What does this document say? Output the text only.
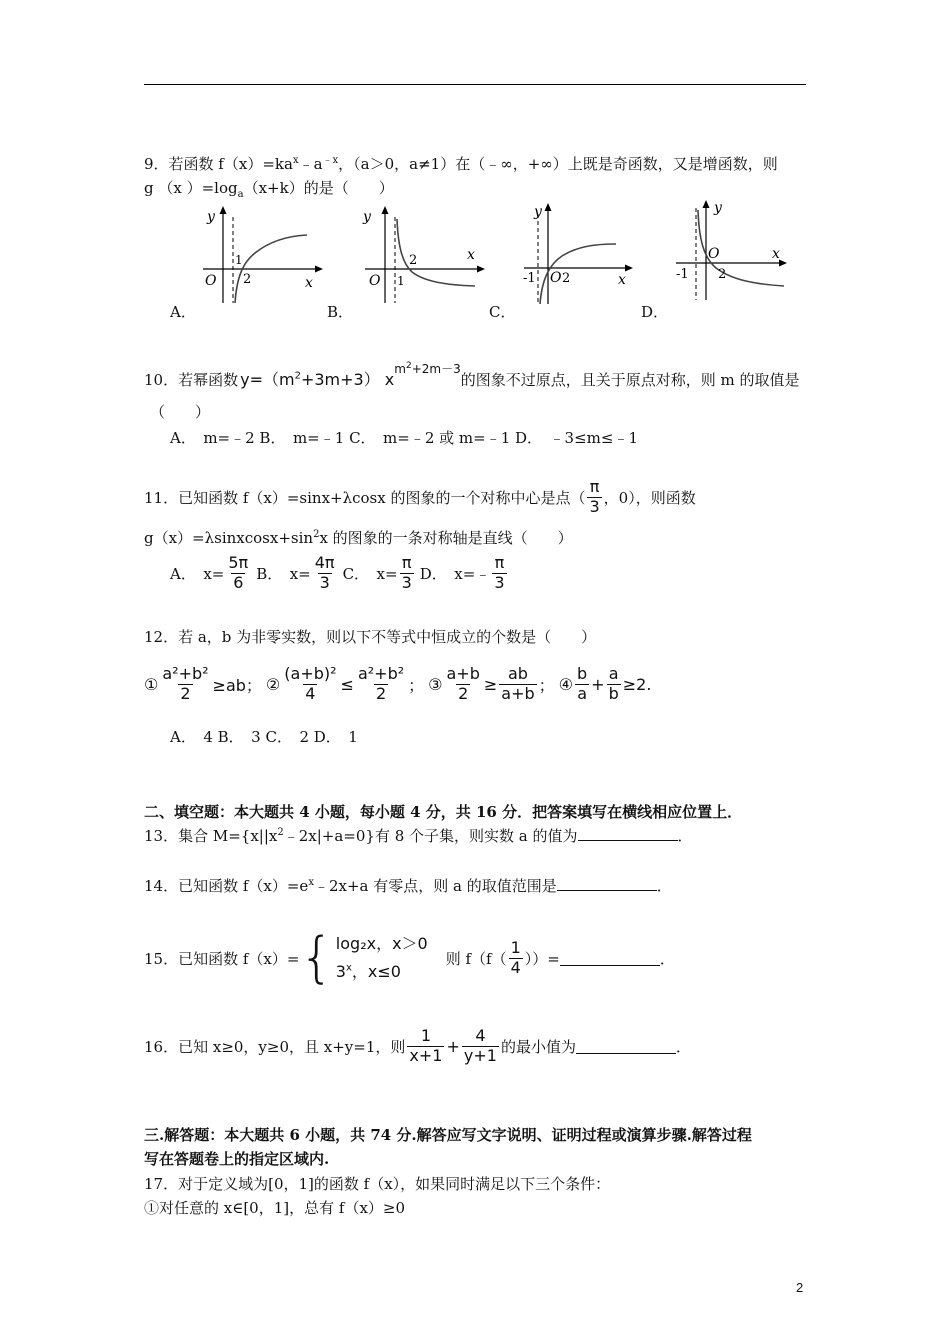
9．若函数 $f(x)=ka^x﹣a^{﹣x}$，（a＞0，a≠1）在（﹣∞，+∞）上既是奇函数，又是增函数，则
g （x ）$=\log_a(x+k)$的是（　　）
y
x
O
1
2
y
x
O 1
2
y
x
O
-1 2
y
x
O
-1 2
A．	B．	C．	D．
10．若幂函数 $y=(m^2+3m+3)$ $x^{m^2+2m-3}$
的图象不过原点，且关于原点对称，则 m 的取值是
（　　）
A．　m=﹣2 B．　m=﹣1 C．　m=﹣2 或 m=﹣1 D．　﹣3≤m≤﹣1
11．已知函数 f（x）=sinx+λcosx 的图象的一个对称中心是点（ $\frac{\pi}{3}$ ，0），则函数
$g(x)=\lambda sinxcosx+\sin^2x$ 的图象的一条对称轴是直线（　　）
A．　$x= \frac{5\pi}{6}$ B．　$x= \frac{4\pi}{3}$ C．　$x= \frac{\pi}{3}$ D．　x=﹣ $\frac{\pi}{3}$
12．若 a，b 为非零实数，则以下不等式中恒成立的个数是（　　）
① $\frac{\text{a²+b²}}{2} \ge ab$； ② $\frac{\text{(a+b)²}}{4} \le \frac{\text{a²+b²}}{2}$ ； ③ $\frac{a+b}{2} \ge \frac{ab}{a+b}$ ； ④ $\frac{b}{a} + \frac{a}{b} \ge 2$.
A．　4 B．　3 C．　2 D．　1
二、填空题：本大题共 4 小题，每小题 4 分，共 16 分．把答案填写在横线相应位置上．
13．集合 $M=\{x||x^2﹣2x|+a=0\}$有 8 个子集，则实数 a 的值为	．
14．已知函数 $f(x)=e^x﹣2x+a$ 有零点，则 a 的取值范围是	．
15．已知函数 f（x）= { log₂x，x＞0
3$^x$，x≤0
则 $f(f( \frac{1}{4}$ ））=	．
16．已知 x≥0，y≥0，且 x+y=1，则 $\frac{1}{x+1} + \frac{4}{y+1}$ 的最小值为	．
三.解答题：本大题共 6 小题，共 74 分.解答应写文字说明、证明过程或演算步骤.解答过程
写在答题卷上的指定区域内.
17．对于定义域为[0，1]的函数 f（x），如果同时满足以下三个条件：
①对任意的 x∈[0，1]，总有 f（x）≥0
2
